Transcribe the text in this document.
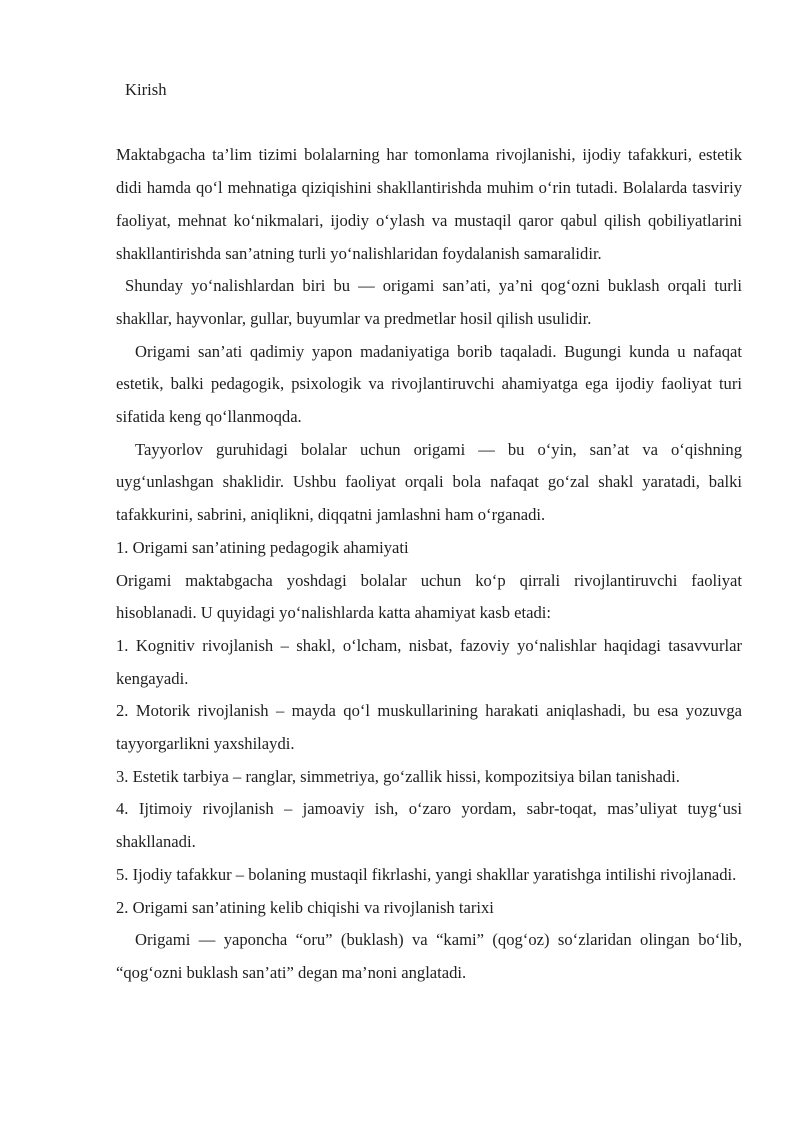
Kirish

Maktabgacha ta’lim tizimi bolalarning har tomonlama rivojlanishi, ijodiy tafakkuri, estetik didi hamda qo‘l mehnatiga qiziqishini shakllantirishda muhim o‘rin tutadi. Bolalarda tasviriy faoliyat, mehnat ko‘nikmalari, ijodiy o‘ylash va mustaqil qaror qabul qilish qobiliyatlarini shakllantirishda san’atning turli yo‘nalishlaridan foydalanish samaralidir.

Shunday yo‘nalishlardan biri bu — origami san’ati, ya’ni qog‘ozni buklash orqali turli shakllar, hayvonlar, gullar, buyumlar va predmetlar hosil qilish usulidir.

Origami san’ati qadimiy yapon madaniyatiga borib taqaladi. Bugungi kunda u nafaqat estetik, balki pedagogik, psixologik va rivojlantiruvchi ahamiyatga ega ijodiy faoliyat turi sifatida keng qo‘llanmoqda.

Tayyorlov guruhidagi bolalar uchun origami — bu o‘yin, san’at va o‘qishning uyg‘unlashgan shaklidir. Ushbu faoliyat orqali bola nafaqat go‘zal shakl yaratadi, balki tafakkurini, sabrini, aniqlikni, diqqatni jamlashni ham o‘rganadi.

1. Origami san’atining pedagogik ahamiyati

Origami maktabgacha yoshdagi bolalar uchun ko‘p qirrali rivojlantiruvchi faoliyat hisoblanadi. U quyidagi yo‘nalishlarda katta ahamiyat kasb etadi:

1. Kognitiv rivojlanish – shakl, o‘lcham, nisbat, fazoviy yo‘nalishlar haqidagi tasavvurlar kengayadi.

2. Motorik rivojlanish – mayda qo‘l muskullarining harakati aniqlashadi, bu esa yozuvga tayyorgarlikni yaxshilaydi.

3. Estetik tarbiya – ranglar, simmetriya, go‘zallik hissi, kompozitsiya bilan tanishadi.

4. Ijtimoiy rivojlanish – jamoaviy ish, o‘zaro yordam, sabr-toqat, mas’uliyat tuyg‘usi shakllanadi.

5. Ijodiy tafakkur – bolaning mustaqil fikrlashi, yangi shakllar yaratishga intilishi rivojlanadi.

2. Origami san’atining kelib chiqishi va rivojlanish tarixi

Origami — yaponcha “oru” (buklash) va “kami” (qog‘oz) so‘zlaridan olingan bo‘lib, “qog‘ozni buklash san’ati” degan ma’noni anglatadi.
